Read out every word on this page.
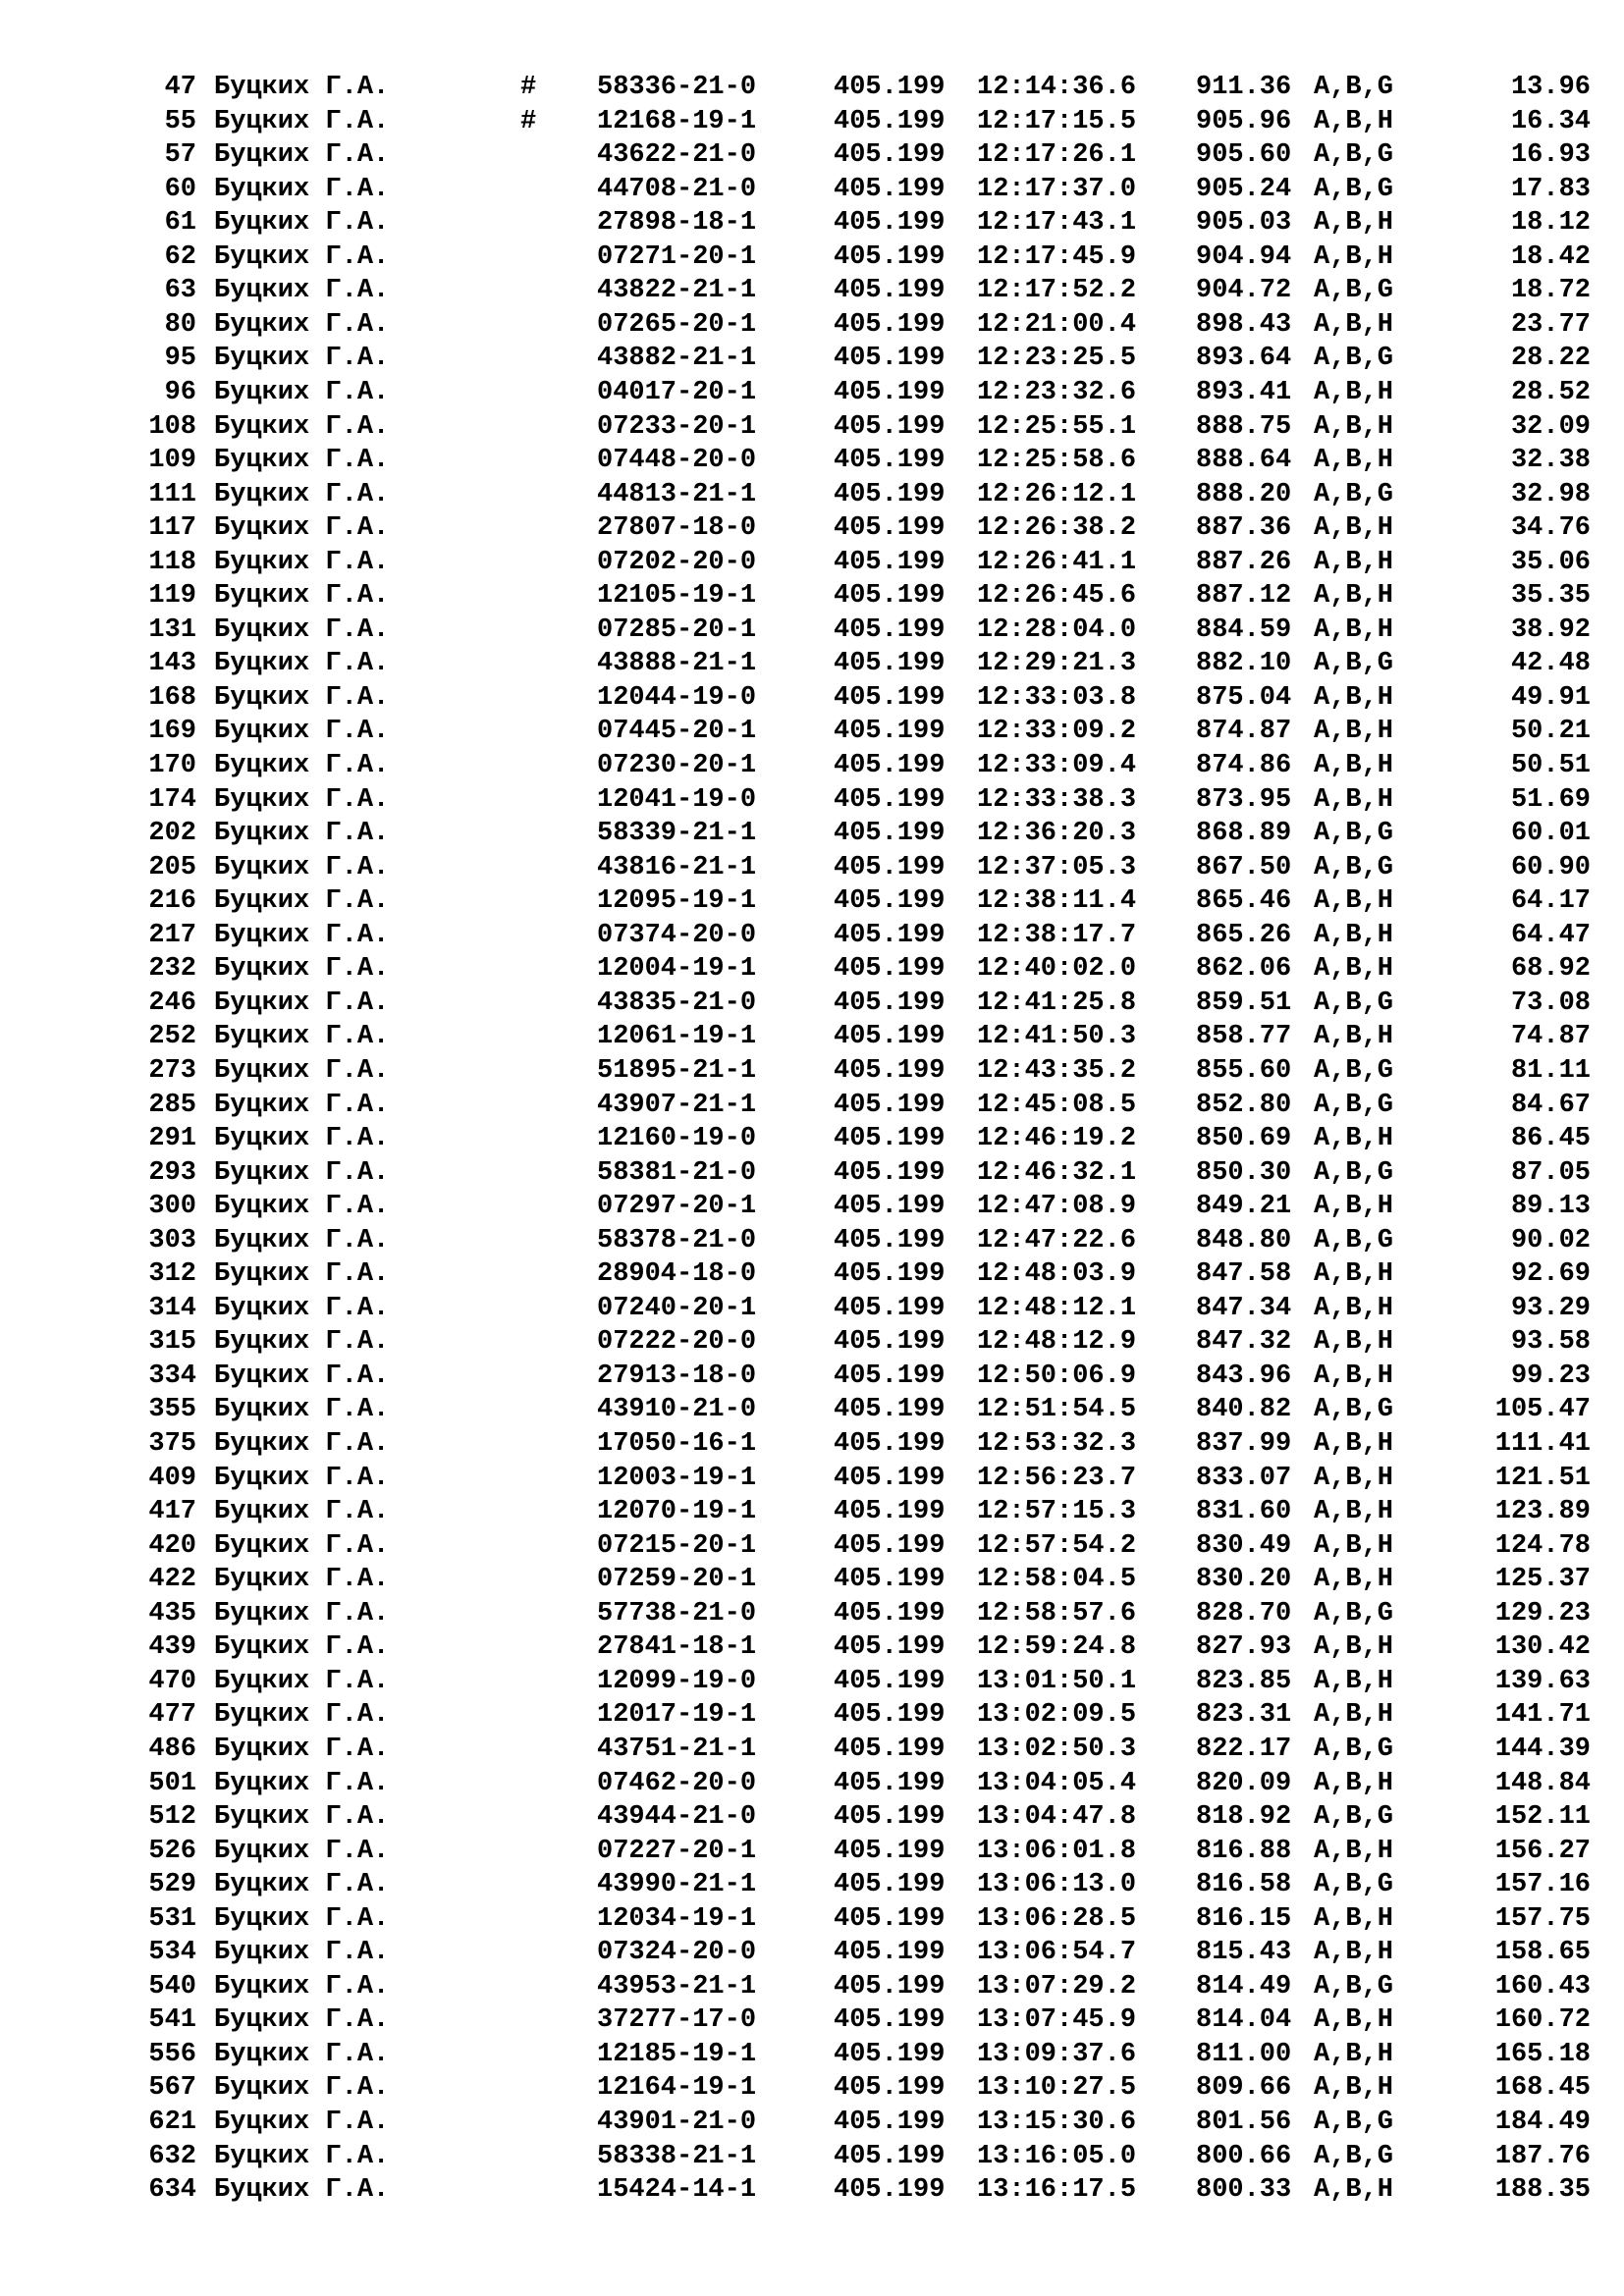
47 Буцких Г.А.	# 58336-21-0	405.199 12:14:36.6 911.36 A,B,G	13.96
55 Буцких Г.А.	# 12168-19-1	405.199 12:17:15.5 905.96 A,B,H	16.34
57 Буцких Г.А.	43622-21-0	405.199 12:17:26.1 905.60 A,B,G	16.93
60 Буцких Г.А.	44708-21-0	405.199 12:17:37.0 905.24 A,B,G	17.83
61 Буцких Г.А.	27898-18-1	405.199 12:17:43.1 905.03 A,B,H	18.12
62 Буцких Г.А.	07271-20-1	405.199 12:17:45.9 904.94 A,B,H	18.42
63 Буцких Г.А.	43822-21-1	405.199 12:17:52.2 904.72 A,B,G	18.72
80 Буцких Г.А.	07265-20-1	405.199 12:21:00.4 898.43 A,B,H	23.77
95 Буцких Г.А.	43882-21-1	405.199 12:23:25.5 893.64 A,B,G	28.22
96 Буцких Г.А.	04017-20-1	405.199 12:23:32.6 893.41 A,B,H	28.52
108 Буцких Г.А.	07233-20-1	405.199 12:25:55.1 888.75 A,B,H	32.09
109 Буцких Г.А.	07448-20-0	405.199 12:25:58.6 888.64 A,B,H	32.38
111 Буцких Г.А.	44813-21-1	405.199 12:26:12.1 888.20 A,B,G	32.98
117 Буцких Г.А.	27807-18-0	405.199 12:26:38.2 887.36 A,B,H	34.76
118 Буцких Г.А.	07202-20-0	405.199 12:26:41.1 887.26 A,B,H	35.06
119 Буцких Г.А.	12105-19-1	405.199 12:26:45.6 887.12 A,B,H	35.35
131 Буцких Г.А.	07285-20-1	405.199 12:28:04.0 884.59 A,B,H	38.92
143 Буцких Г.А.	43888-21-1	405.199 12:29:21.3 882.10 A,B,G	42.48
168 Буцких Г.А.	12044-19-0	405.199 12:33:03.8 875.04 A,B,H	49.91
169 Буцких Г.А.	07445-20-1	405.199 12:33:09.2 874.87 A,B,H	50.21
170 Буцких Г.А.	07230-20-1	405.199 12:33:09.4 874.86 A,B,H	50.51
174 Буцких Г.А.	12041-19-0	405.199 12:33:38.3 873.95 A,B,H	51.69
202 Буцких Г.А.	58339-21-1	405.199 12:36:20.3 868.89 A,B,G	60.01
205 Буцких Г.А.	43816-21-1	405.199 12:37:05.3 867.50 A,B,G	60.90
216 Буцких Г.А.	12095-19-1	405.199 12:38:11.4 865.46 A,B,H	64.17
217 Буцких Г.А.	07374-20-0	405.199 12:38:17.7 865.26 A,B,H	64.47
232 Буцких Г.А.	12004-19-1	405.199 12:40:02.0 862.06 A,B,H	68.92
246 Буцких Г.А.	43835-21-0	405.199 12:41:25.8 859.51 A,B,G	73.08
252 Буцких Г.А.	12061-19-1	405.199 12:41:50.3 858.77 A,B,H	74.87
273 Буцких Г.А.	51895-21-1	405.199 12:43:35.2 855.60 A,B,G	81.11
285 Буцких Г.А.	43907-21-1	405.199 12:45:08.5 852.80 A,B,G	84.67
291 Буцких Г.А.	12160-19-0	405.199 12:46:19.2 850.69 A,B,H	86.45
293 Буцких Г.А.	58381-21-0	405.199 12:46:32.1 850.30 A,B,G	87.05
300 Буцких Г.А.	07297-20-1	405.199 12:47:08.9 849.21 A,B,H	89.13
303 Буцких Г.А.	58378-21-0	405.199 12:47:22.6 848.80 A,B,G	90.02
312 Буцких Г.А.	28904-18-0	405.199 12:48:03.9 847.58 A,B,H	92.69
314 Буцких Г.А.	07240-20-1	405.199 12:48:12.1 847.34 A,B,H	93.29
315 Буцких Г.А.	07222-20-0	405.199 12:48:12.9 847.32 A,B,H	93.58
334 Буцких Г.А.	27913-18-0	405.199 12:50:06.9 843.96 A,B,H	99.23
355 Буцких Г.А.	43910-21-0	405.199 12:51:54.5 840.82 A,B,G	105.47
375 Буцких Г.А.	17050-16-1	405.199 12:53:32.3 837.99 A,B,H	111.41
409 Буцких Г.А.	12003-19-1	405.199 12:56:23.7 833.07 A,B,H	121.51
417 Буцких Г.А.	12070-19-1	405.199 12:57:15.3 831.60 A,B,H	123.89
420 Буцких Г.А.	07215-20-1	405.199 12:57:54.2 830.49 A,B,H	124.78
422 Буцких Г.А.	07259-20-1	405.199 12:58:04.5 830.20 A,B,H	125.37
435 Буцких Г.А.	57738-21-0	405.199 12:58:57.6 828.70 A,B,G	129.23
439 Буцких Г.А.	27841-18-1	405.199 12:59:24.8 827.93 A,B,H	130.42
470 Буцких Г.А.	12099-19-0	405.199 13:01:50.1 823.85 A,B,H	139.63
477 Буцких Г.А.	12017-19-1	405.199 13:02:09.5 823.31 A,B,H	141.71
486 Буцких Г.А.	43751-21-1	405.199 13:02:50.3 822.17 A,B,G	144.39
501 Буцких Г.А.	07462-20-0	405.199 13:04:05.4 820.09 A,B,H	148.84
512 Буцких Г.А.	43944-21-0	405.199 13:04:47.8 818.92 A,B,G	152.11
526 Буцких Г.А.	07227-20-1	405.199 13:06:01.8 816.88 A,B,H	156.27
529 Буцких Г.А.	43990-21-1	405.199 13:06:13.0 816.58 A,B,G	157.16
531 Буцких Г.А.	12034-19-1	405.199 13:06:28.5 816.15 A,B,H	157.75
534 Буцких Г.А.	07324-20-0	405.199 13:06:54.7 815.43 A,B,H	158.65
540 Буцких Г.А.	43953-21-1	405.199 13:07:29.2 814.49 A,B,G	160.43
541 Буцких Г.А.	37277-17-0	405.199 13:07:45.9 814.04 A,B,H	160.72
556 Буцких Г.А.	12185-19-1	405.199 13:09:37.6 811.00 A,B,H	165.18
567 Буцких Г.А.	12164-19-1	405.199 13:10:27.5 809.66 A,B,H	168.45
621 Буцких Г.А.	43901-21-0	405.199 13:15:30.6 801.56 A,B,G	184.49
632 Буцких Г.А.	58338-21-1	405.199 13:16:05.0 800.66 A,B,G	187.76
634 Буцких Г.А.	15424-14-1	405.199 13:16:17.5 800.33 A,B,H	188.35
